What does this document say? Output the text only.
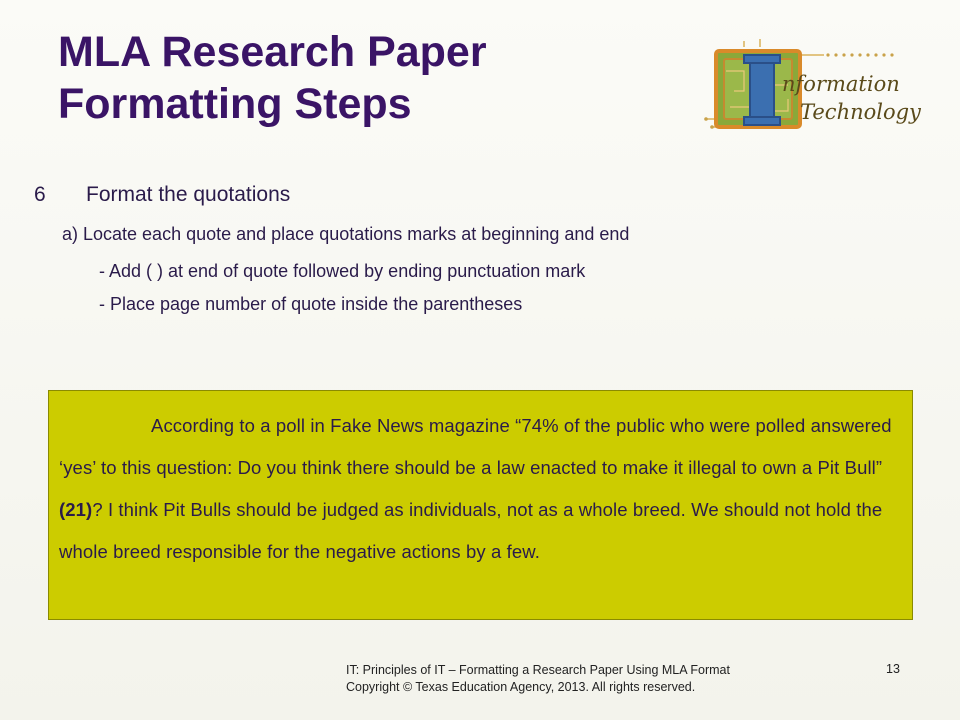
MLA Research Paper
Formatting Steps	nformation
Technology
6 Format the quotations
a) Locate each quote and place quotations marks at beginning and end
- Add ( ) at end of quote followed by ending punctuation mark
- Place page number of quote inside the parentheses

According to a poll in Fake News magazine “74% of the public who were polled answered ‘yes’ to this question: Do you think there should be a law enacted to make it illegal to own a Pit Bull” (21)? I think Pit Bulls should be judged as individuals, not as a whole breed. We should not hold the whole breed responsible for the negative actions by a few.

IT: Principles of IT – Formatting a Research Paper Using MLA Format
Copyright © Texas Education Agency, 2013. All rights reserved.
13
